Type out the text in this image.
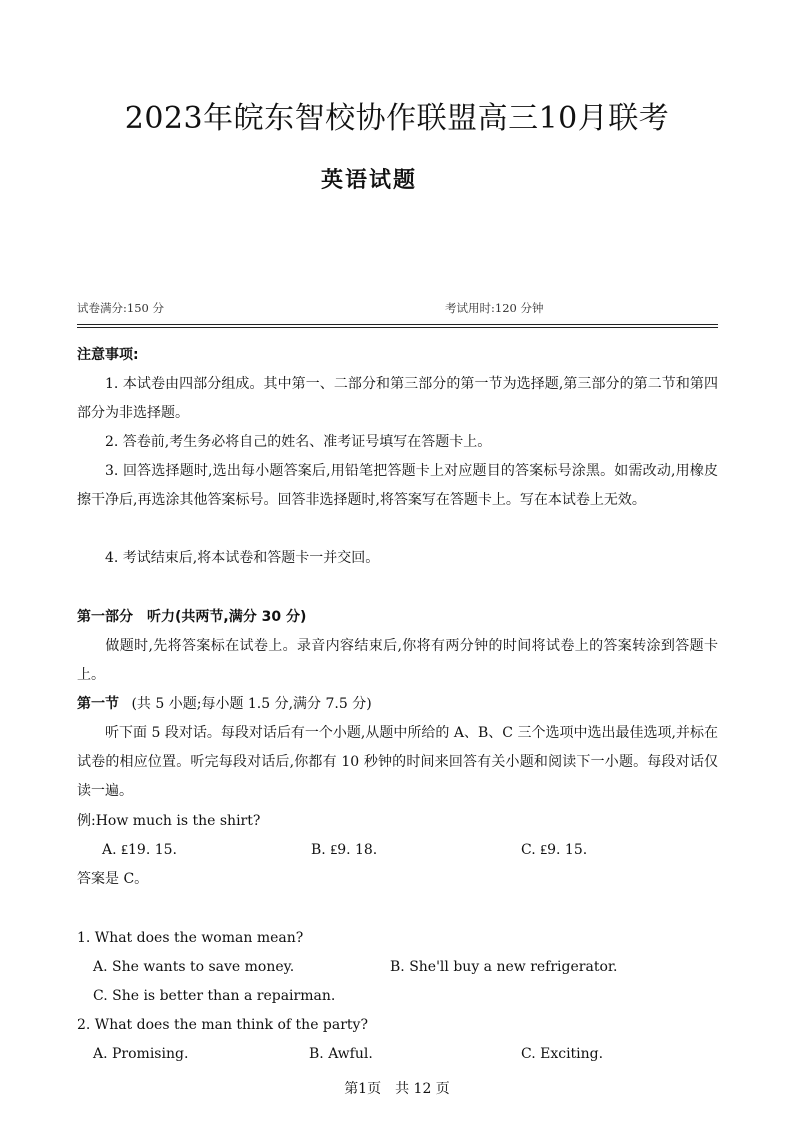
2023年皖东智校协作联盟高三10月联考
英语试题
试卷满分:150 分	考试用时:120 分钟
注意事项:
1. 本试卷由四部分组成。其中第一、二部分和第三部分的第一节为选择题,第三部分的第二节和第四部分为非选择题。
2. 答卷前,考生务必将自己的姓名、准考证号填写在答题卡上。
3. 回答选择题时,选出每小题答案后,用铅笔把答题卡上对应题目的答案标号涂黑。如需改动,用橡皮擦干净后,再选涂其他答案标号。回答非选择题时,将答案写在答题卡上。写在本试卷上无效。
4. 考试结束后,将本试卷和答题卡一并交回。
第一部分　听力(共两节,满分 30 分)
做题时,先将答案标在试卷上。录音内容结束后,你将有两分钟的时间将试卷上的答案转涂到答题卡上。
第一节 (共 5 小题;每小题 1.5 分,满分 7.5 分)
听下面 5 段对话。每段对话后有一个小题,从题中所给的 A、B、C 三个选项中选出最佳选项,并标在试卷的相应位置。听完每段对话后,你都有 10 秒钟的时间来回答有关小题和阅读下一小题。每段对话仅读一遍。
例:How much is the shirt?
A. ₤19. 15.	B. ₤9. 18.	C. ₤9. 15.
答案是 C。
1. What does the woman mean?
A. She wants to save money.	B. She'll buy a new refrigerator.
C. She is better than a repairman.
2. What does the man think of the party?
A. Promising.	B. Awful.	C. Exciting.
第1页　共 12 页
